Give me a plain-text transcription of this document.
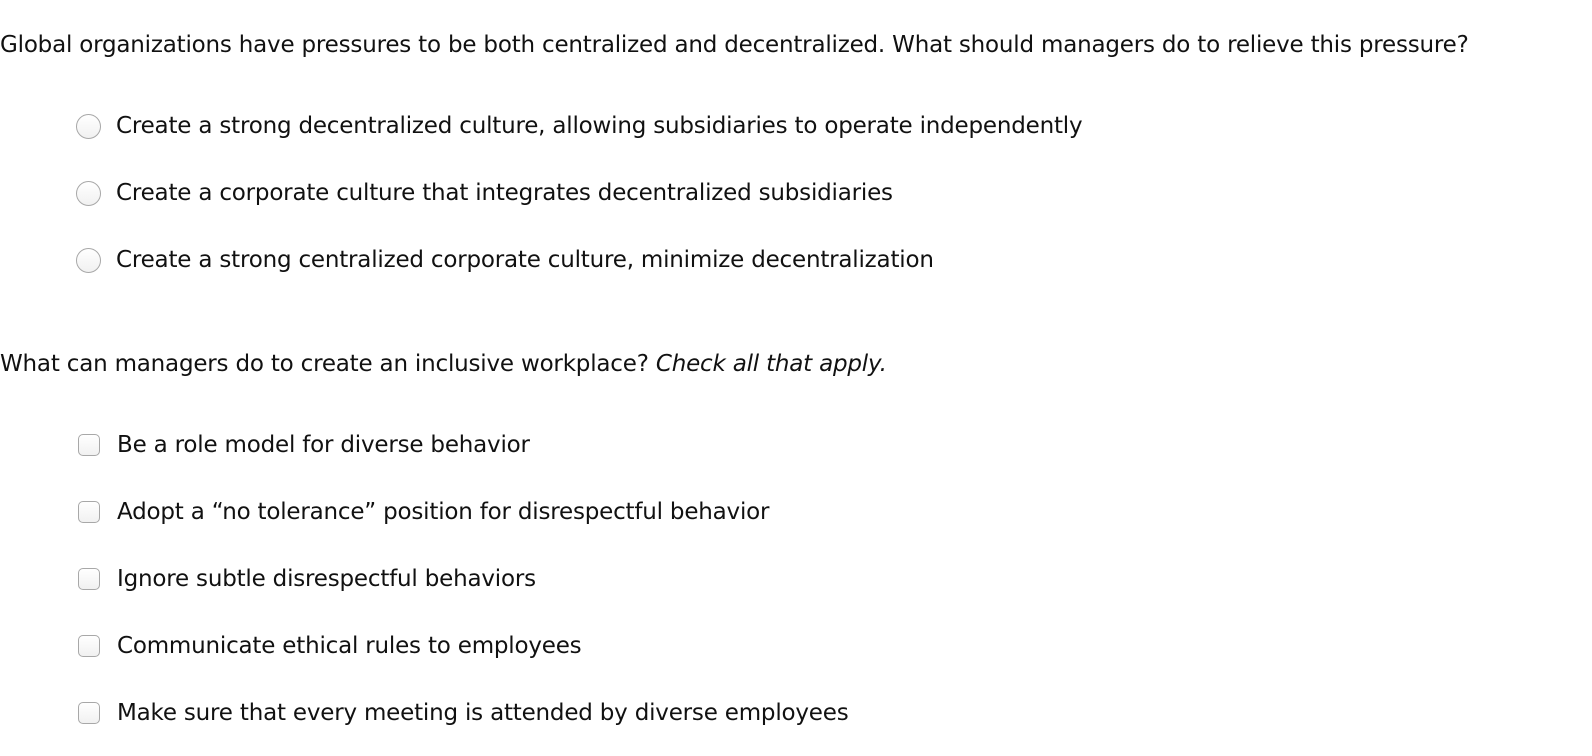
Global organizations have pressures to be both centralized and decentralized. What should managers do to relieve this pressure?

Create a strong decentralized culture, allowing subsidiaries to operate independently
Create a corporate culture that integrates decentralized subsidiaries
Create a strong centralized corporate culture, minimize decentralization

What can managers do to create an inclusive workplace? Check all that apply.

Be a role model for diverse behavior
Adopt a “no tolerance” position for disrespectful behavior
Ignore subtle disrespectful behaviors
Communicate ethical rules to employees
Make sure that every meeting is attended by diverse employees
